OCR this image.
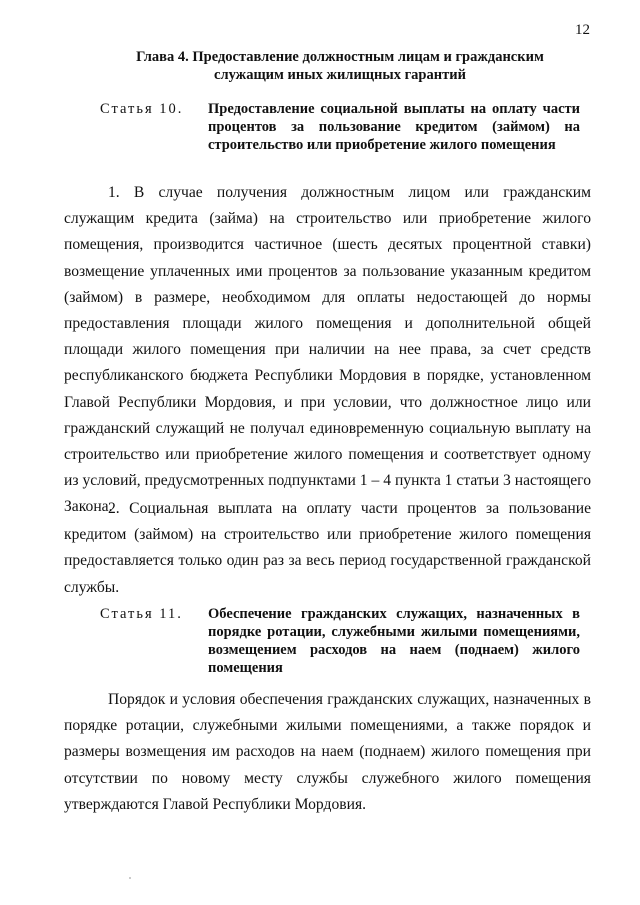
12
Глава 4. Предоставление должностным лицам и гражданским
служащим иных жилищных гарантий
Статья 10.	Предоставление социальной выплаты на оплату части процентов за пользование кредитом (займом) на строительство или приобретение жилого помещения

1. В случае получения должностным лицом или гражданским служащим кредита (займа) на строительство или приобретение жилого помещения, производится частичное (шесть десятых процентной ставки) возмещение уплаченных ими процентов за пользование указанным кредитом (займом) в размере, необходимом для оплаты недостающей до нормы предоставления площади жилого помещения и дополнительной общей площади жилого помещения при наличии на нее права, за счет средств республиканского бюджета Республики Мордовия в порядке, установленном Главой Республики Мордовия, и при условии, что должностное лицо или гражданский служащий не получал единовременную социальную выплату на строительство или приобретение жилого помещения и соответствует одному из условий, предусмотренных подпунктами 1 – 4 пункта 1 статьи 3 настоящего Закона.

2. Социальная выплата на оплату части процентов за пользование кредитом (займом) на строительство или приобретение жилого помещения предоставляется только один раз за весь период государственной гражданской службы.

Статья 11.	Обеспечение гражданских служащих, назначенных в порядке ротации, служебными жилыми помещениями, возмещением расходов на наем (поднаем) жилого помещения

Порядок и условия обеспечения гражданских служащих, назначенных в порядке ротации, служебными жилыми помещениями, а также порядок и размеры возмещения им расходов на наем (поднаем) жилого помещения при отсутствии по новому месту службы служебного жилого помещения утверждаются Главой Республики Мордовия.
